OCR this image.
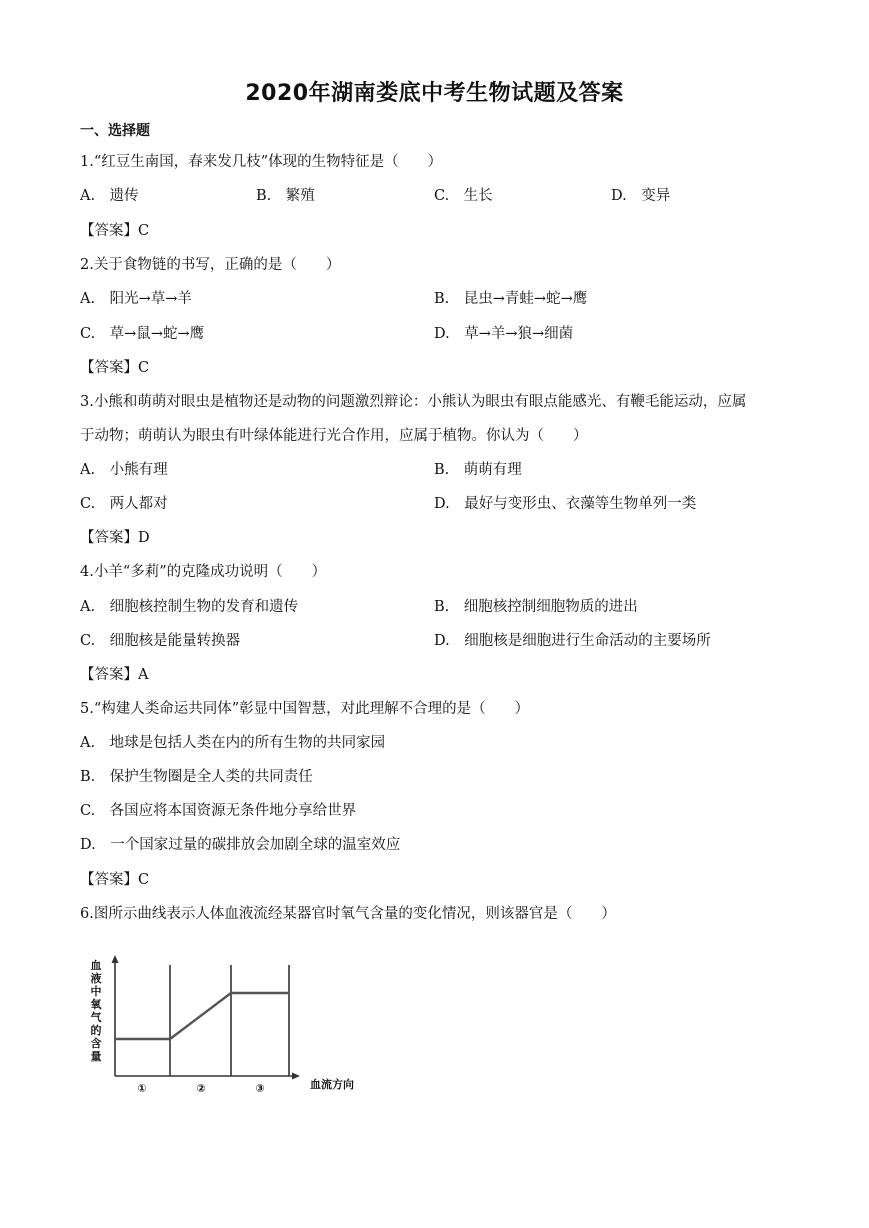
2020年湖南娄底中考生物试题及答案
一、选择题
1.“红豆生南国，春来发几枝”体现的生物特征是（　　）
A.　遗传	B.　繁殖	C.　生长	D.　变异
【答案】C
2.关于食物链的书写，正确的是（　　）
A.　阳光→草→羊	B.　昆虫→青蛙→蛇→鹰
C.　草→鼠→蛇→鹰	D.　草→羊→狼→细菌
【答案】C
3.小熊和萌萌对眼虫是植物还是动物的问题激烈辩论：小熊认为眼虫有眼点能感光、有鞭毛能运动，应属
于动物；萌萌认为眼虫有叶绿体能进行光合作用，应属于植物。你认为（　　）
A.　小熊有理	B.　萌萌有理
C.　两人都对	D.　最好与变形虫、衣藻等生物单列一类
【答案】D
4.小羊“多莉”的克隆成功说明（　　）
A.　细胞核控制生物的发育和遗传	B.　细胞核控制细胞物质的进出
C.　细胞核是能量转换器	D.　细胞核是细胞进行生命活动的主要场所
【答案】A
5.“构建人类命运共同体”彰显中国智慧，对此理解不合理的是（　　）
A.　地球是包括人类在内的所有生物的共同家园
B.　保护生物圈是全人类的共同责任
C.　各国应将本国资源无条件地分享给世界
D.　一个国家过量的碳排放会加剧全球的温室效应
【答案】C
6.图所示曲线表示人体血液流经某器官时氧气含量的变化情况，则该器官是（　　）
血
液
中
氧
气
的
含
量
①	②	③	血流方向
